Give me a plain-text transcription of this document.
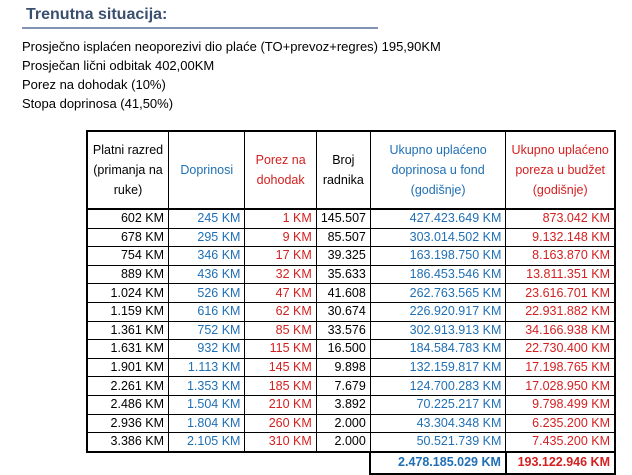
Trenutna situacija:
Prosječno isplaćen neoporezivi dio plaće (TO+prevoz+regres) 195,90KM
Prosječan lični odbitak 402,00KM
Porez na dohodak (10%)
Stopa doprinosa (41,50%)
Platni razred (primanja na ruke)	Doprinosi	Porez na dohodak	Broj radnika	Ukupno uplaćeno doprinosa u fond (godišnje)	Ukupno uplaćeno poreza u budžet (godišnje)
602 KM	245 KM	1 KM	145.507	427.423.649 KM	873.042 KM
678 KM	295 KM	9 KM	85.507	303.014.502 KM	9.132.148 KM
754 KM	346 KM	17 KM	39.325	163.198.750 KM	8.163.870 KM
889 KM	436 KM	32 KM	35.633	186.453.546 KM	13.811.351 KM
1.024 KM	526 KM	47 KM	41.608	262.763.565 KM	23.616.701 KM
1.159 KM	616 KM	62 KM	30.674	226.920.917 KM	22.931.882 KM
1.361 KM	752 KM	85 KM	33.576	302.913.913 KM	34.166.938 KM
1.631 KM	932 KM	115 KM	16.500	184.584.783 KM	22.730.400 KM
1.901 KM	1.113 KM	145 KM	9.898	132.159.817 KM	17.198.765 KM
2.261 KM	1.353 KM	185 KM	7.679	124.700.283 KM	17.028.950 KM
2.486 KM	1.504 KM	210 KM	3.892	70.225.217 KM	9.798.499 KM
2.936 KM	1.804 KM	260 KM	2.000	43.304.348 KM	6.235.200 KM
3.386 KM	2.105 KM	310 KM	2.000	50.521.739 KM	7.435.200 KM
				2.478.185.029 KM	193.122.946 KM
